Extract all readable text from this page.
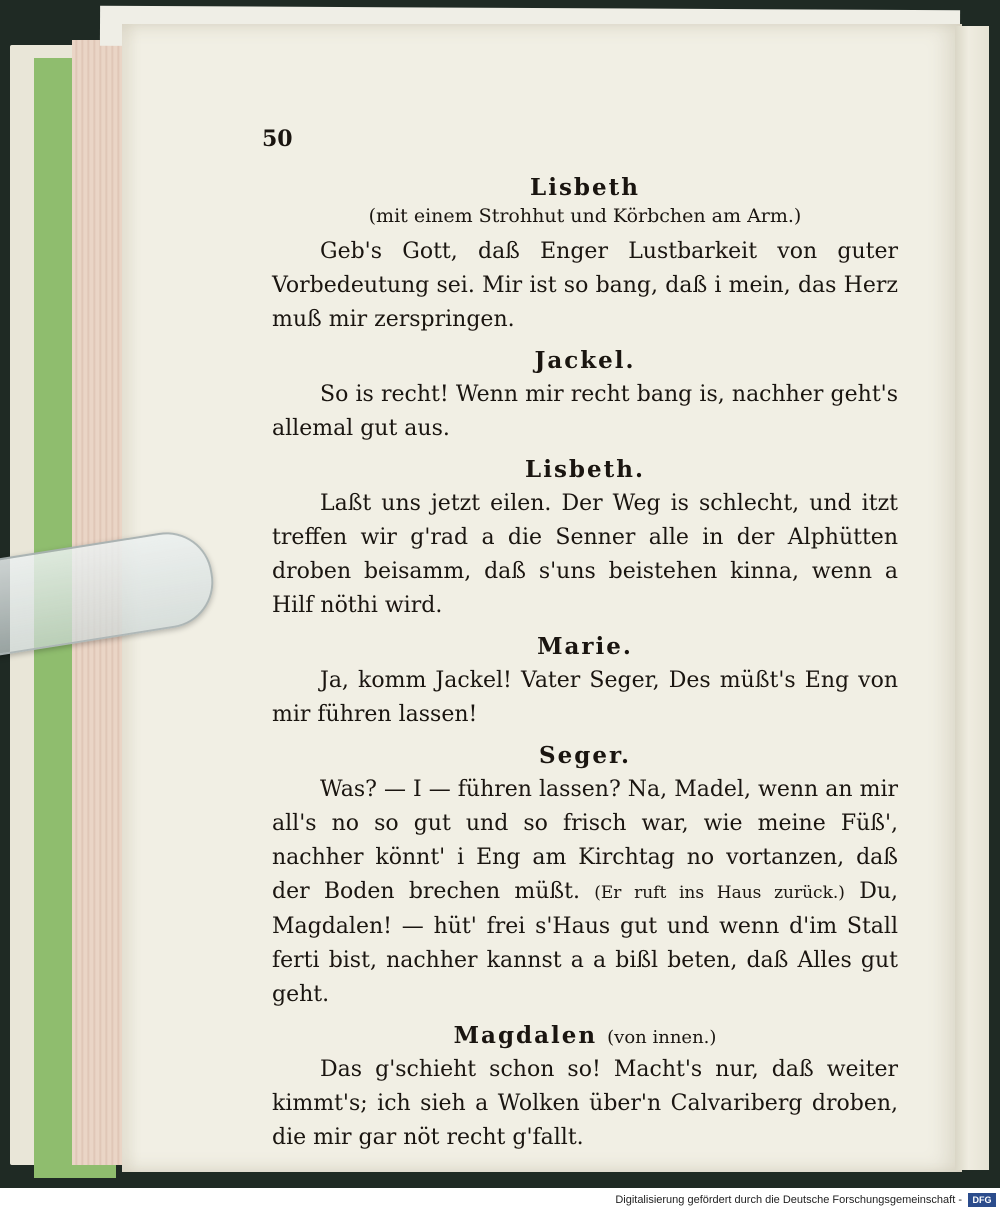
50

Lisbeth

(mit einem Strohhut und Körbchen am Arm.)

Geb's Gott, daß Enger Lustbarkeit von guter Vorbedeutung sei. Mir ist so bang, daß i mein, das Herz muß mir zerspringen.

Jackel.

So is recht! Wenn mir recht bang is, nachher geht's allemal gut aus.

Lisbeth.

Laßt uns jetzt eilen. Der Weg is schlecht, und itzt treffen wir g'rad a die Senner alle in der Alphütten droben beisamm, daß s'uns beistehen kinna, wenn a Hilf nöthi wird.

Marie.

Ja, komm Jackel! Vater Seger, Des müßt's Eng von mir führen lassen!

Seger.

Was? — I — führen lassen? Na, Madel, wenn an mir all's no so gut und so frisch war, wie meine Füß', nachher könnt' i Eng am Kirchtag no vortanzen, daß der Boden brechen müßt. (Er ruft ins Haus zurück.) Du, Magdalen! — hüt' frei s'Haus gut und wenn d'im Stall ferti bist, nachher kannst a a bißl beten, daß Alles gut geht.

Magdalen (von innen.)

Das g'schieht schon so! Macht's nur, daß weiter kimmt's; ich sieh a Wolken über'n Calvariberg droben, die mir gar nöt recht g'fallt.

Digitalisierung gefördert durch die Deutsche Forschungsgemeinschaft -	DFG
